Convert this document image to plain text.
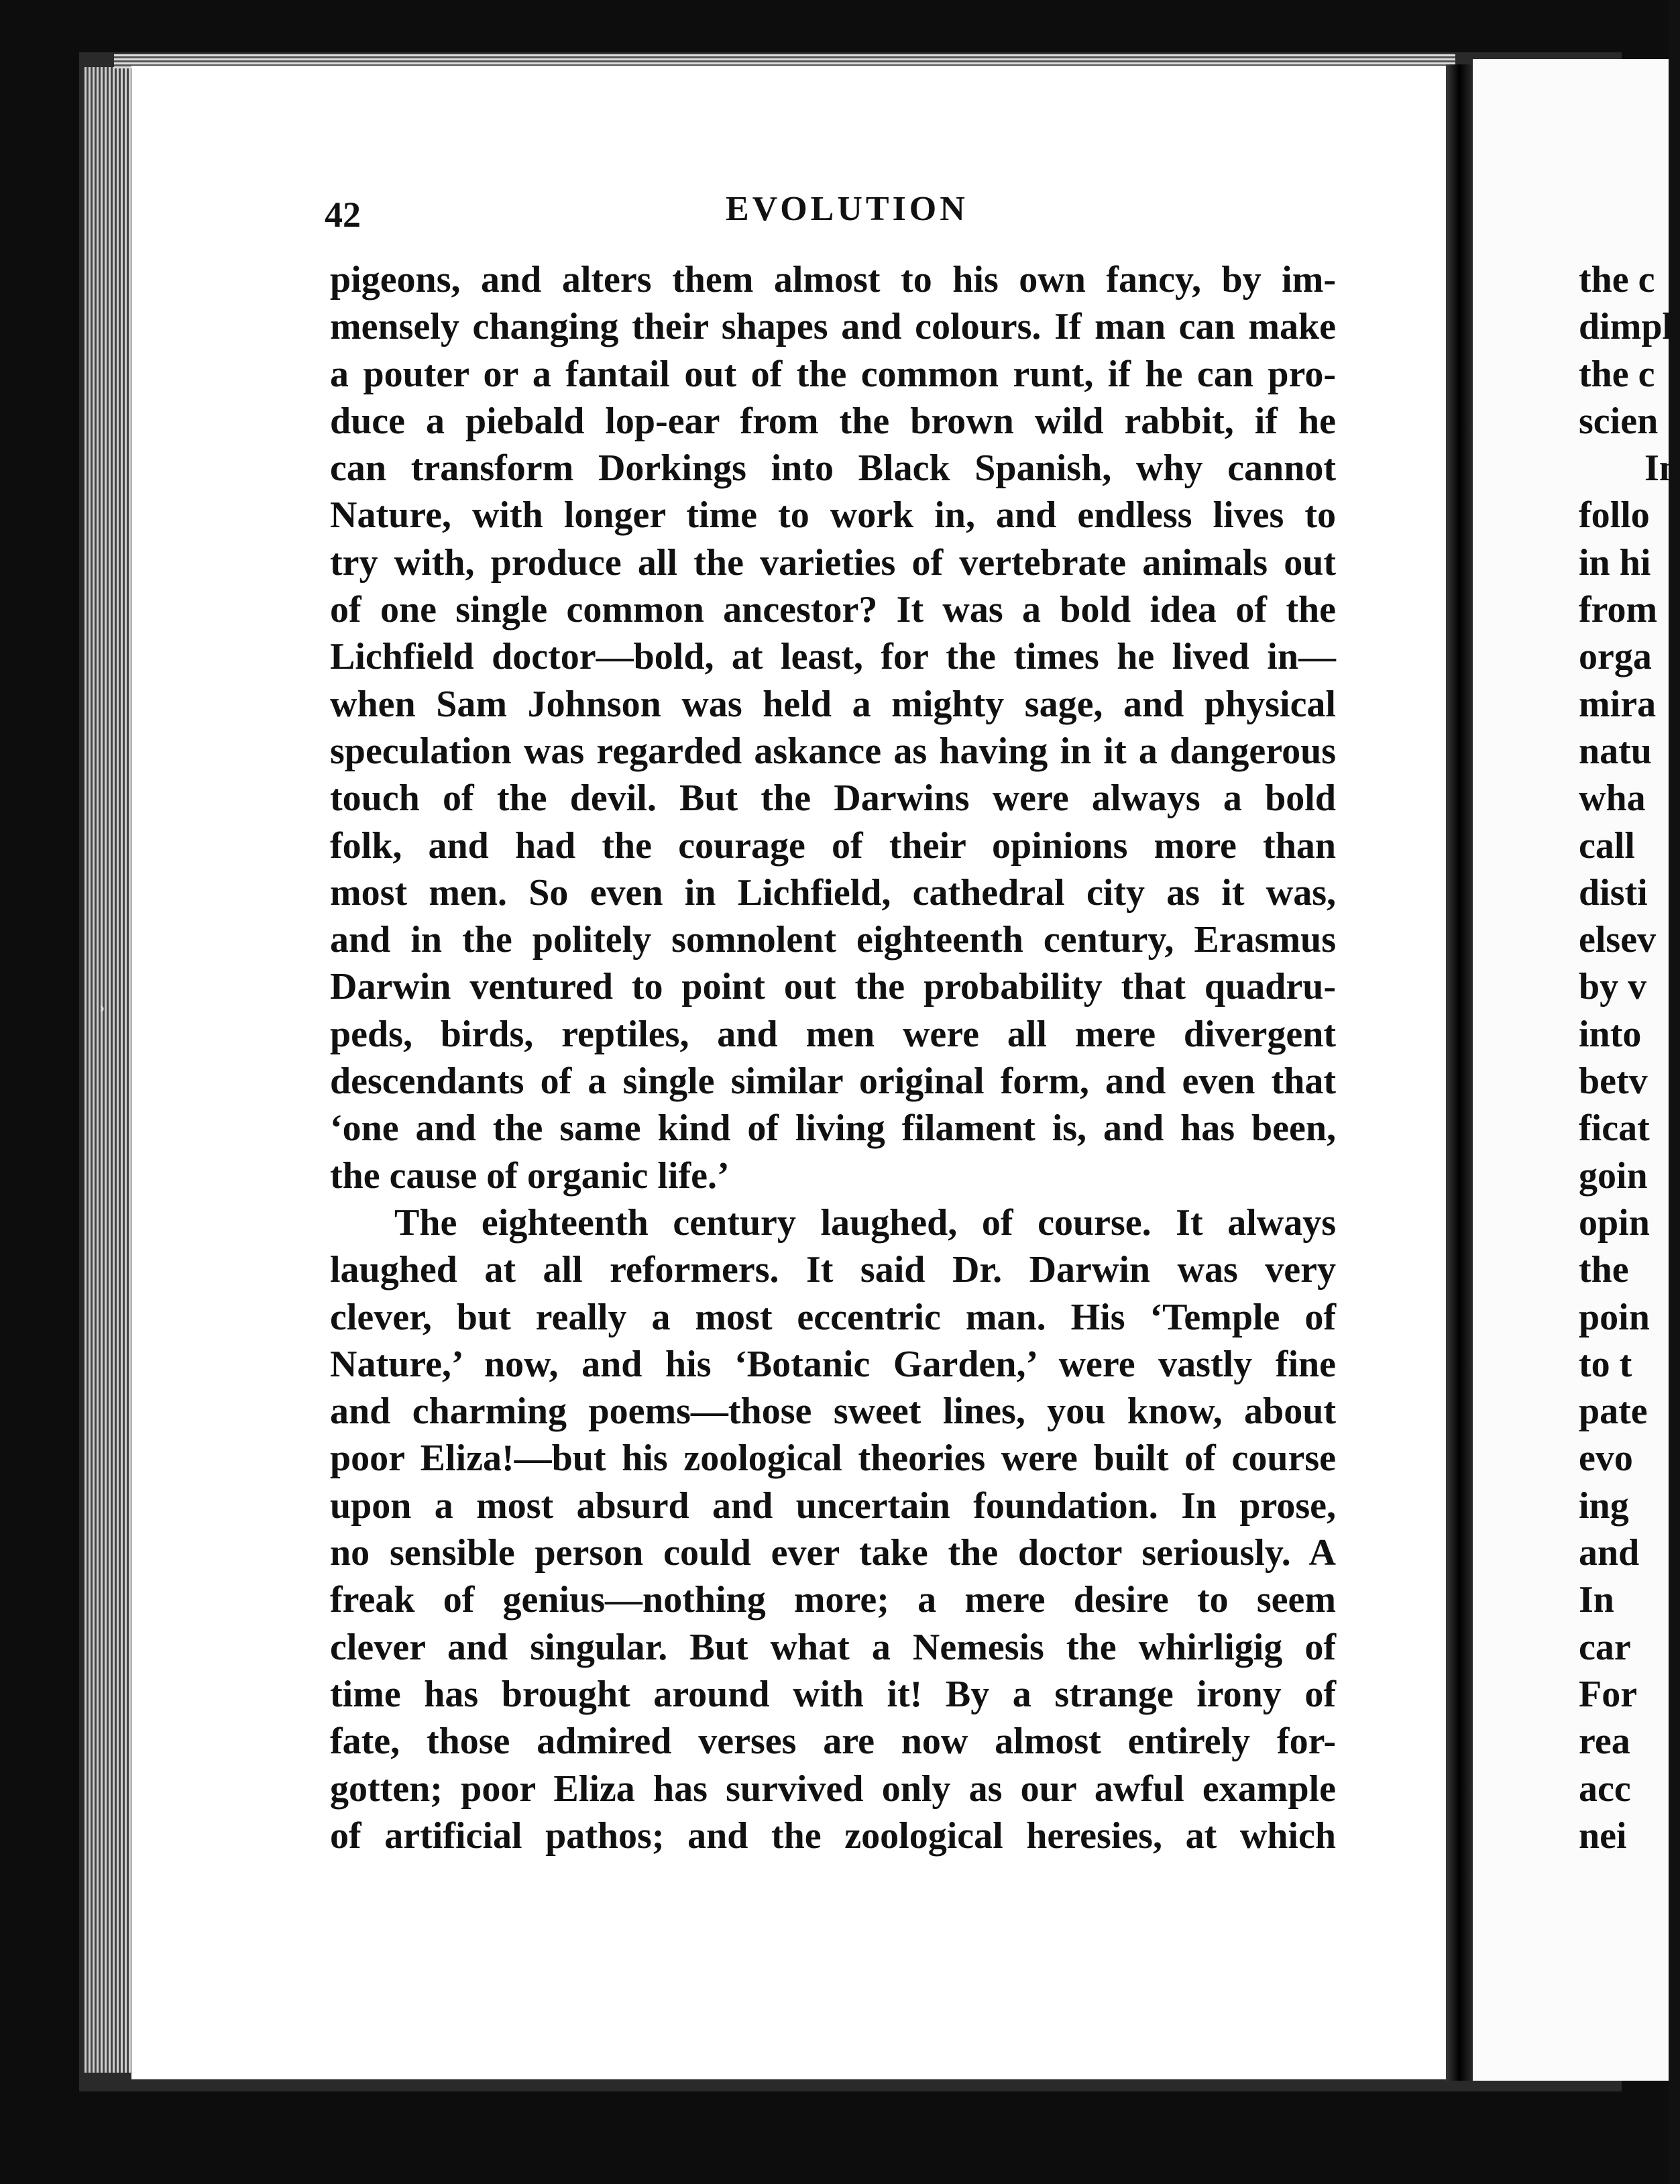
˒

42	EVOLUTION

pigeons, and alters them almost to his own fancy, by im-
mensely changing their shapes and colours. If man can make
a pouter or a fantail out of the common runt, if he can pro-
duce a piebald lop-ear from the brown wild rabbit, if he
can transform Dorkings into Black Spanish, why cannot
Nature, with longer time to work in, and endless lives to
try with, produce all the varieties of vertebrate animals out
of one single common ancestor? It was a bold idea of the
Lichfield doctor—bold, at least, for the times he lived in—
when Sam Johnson was held a mighty sage, and physical
speculation was regarded askance as having in it a dangerous
touch of the devil. But the Darwins were always a bold
folk, and had the courage of their opinions more than
most men. So even in Lichfield, cathedral city as it was,
and in the politely somnolent eighteenth century, Erasmus
Darwin ventured to point out the probability that quadru-
peds, birds, reptiles, and men were all mere divergent
descendants of a single similar original form, and even that
‘one and the same kind of living filament is, and has been,
the cause of organic life.’
The eighteenth century laughed, of course. It always
laughed at all reformers. It said Dr. Darwin was very
clever, but really a most eccentric man. His ‘Temple of
Nature,’ now, and his ‘Botanic Garden,’ were vastly fine
and charming poems—those sweet lines, you know, about
poor Eliza!—but his zoological theories were built of course
upon a most absurd and uncertain foundation. In prose,
no sensible person could ever take the doctor seriously. A
freak of genius—nothing more; a mere desire to seem
clever and singular. But what a Nemesis the whirligig of
time has brought around with it! By a strange irony of
fate, those admired verses are now almost entirely for-
gotten; poor Eliza has survived only as our awful example
of artificial pathos; and the zoological heresies, at which
the c
dimpl
the c
scien
In
follo
in hi
from
orga
mira
natu
wha
call
disti
elsev
by v
into
betv
ficat
goin
opin
the
poin
to t
pate
evo
ing
and
In
car
For
rea
acc
nei
